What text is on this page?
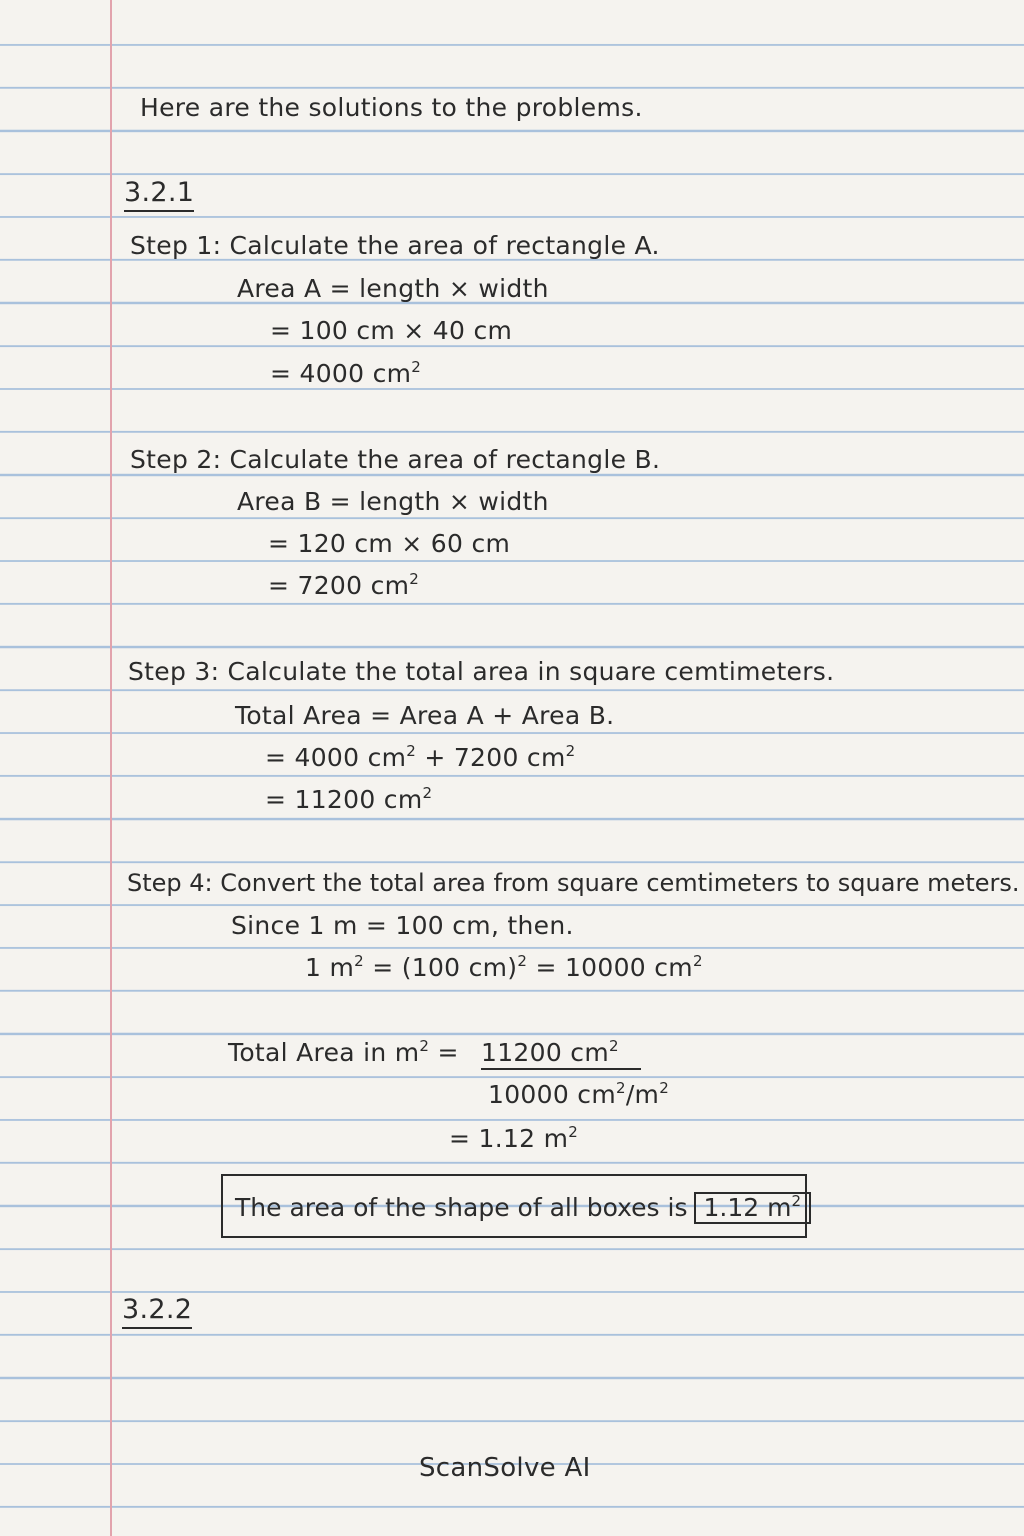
Here are the solutions to the problems.
3.2.1
Step 1: Calculate the area of rectangle A.
Area A = length × width
= 100 cm × 40 cm
= 4000 $cm^2$
Step 2: Calculate the area of rectangle B.
Area B = length × width
= 120 cm × 60 cm
= 7200 $cm^2$
Step 3: Calculate the total area in square cemtimeters.
Total Area = Area A + Area B.
= 4000 $cm^2 + 7200$ $cm^2$
= 11200 $cm^2$
Step 4: Convert the total area from square cemtimeters to square meters.
Since 1 m = 100 cm, then.
1 $m^2 = (100$ cm)$^2$ = 10000 $cm^2$
Total Area in $m^2 = 11200$ $cm^2$
10000 $cm^2/m^2$
= 1.12 $m^2$
The area of the shape of all boxes is 1.12 $m^2$
3.2.2
ScanSolve AI
